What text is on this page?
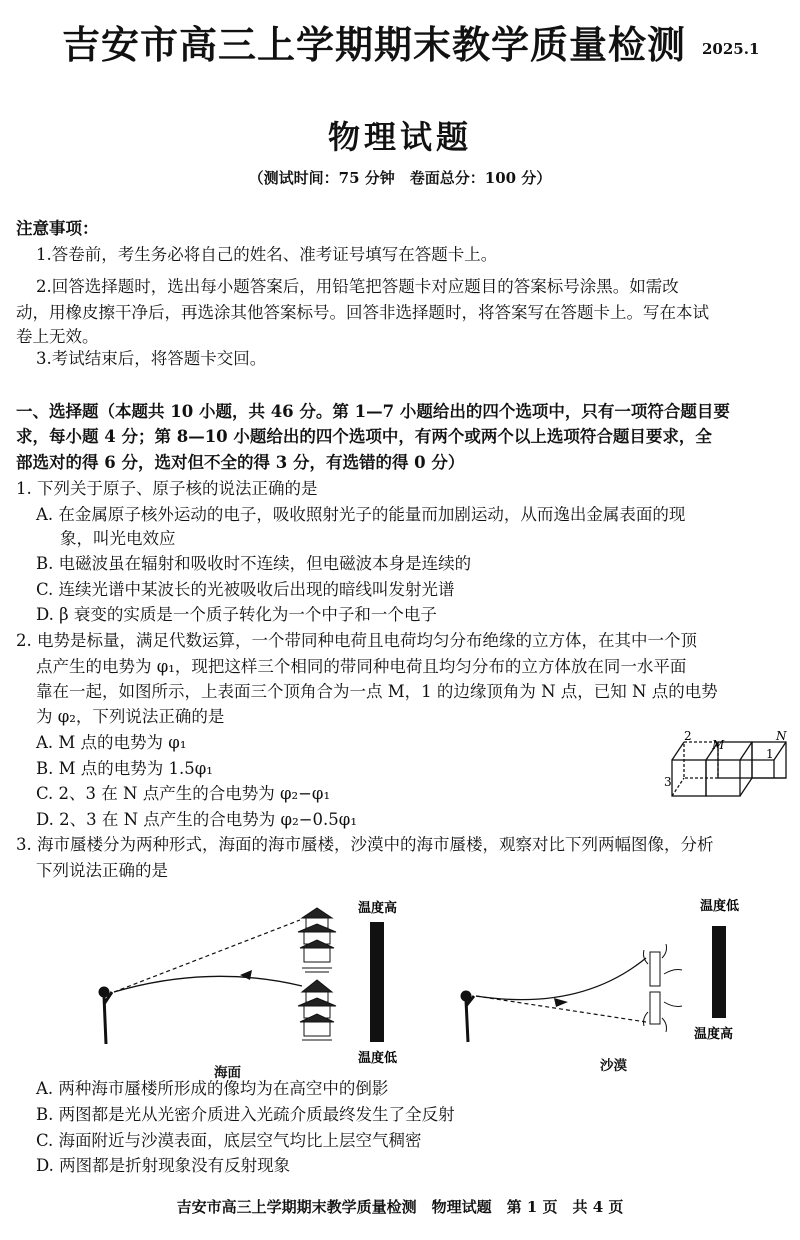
吉安市高三上学期期末教学质量检测 2025.1
物理试题
（测试时间：75 分钟　卷面总分：100 分）
注意事项：
1.答卷前，考生务必将自己的姓名、准考证号填写在答题卡上。
2.回答选择题时，选出每小题答案后，用铅笔把答题卡对应题目的答案标号涂黑。如需改
动，用橡皮擦干净后，再选涂其他答案标号。回答非选择题时，将答案写在答题卡上。写在本试
卷上无效。
3.考试结束后，将答题卡交回。
一、选择题（本题共 10 小题，共 46 分。第 1—7 小题给出的四个选项中，只有一项符合题目要
求，每小题 4 分；第 8—10 小题给出的四个选项中，有两个或两个以上选项符合题目要求，全
部选对的得 6 分，选对但不全的得 3 分，有选错的得 0 分）
1. 下列关于原子、原子核的说法正确的是
A. 在金属原子核外运动的电子，吸收照射光子的能量而加剧运动，从而逸出金属表面的现
象，叫光电效应
B. 电磁波虽在辐射和吸收时不连续，但电磁波本身是连续的
C. 连续光谱中某波长的光被吸收后出现的暗线叫发射光谱
D. β 衰变的实质是一个质子转化为一个中子和一个电子
2. 电势是标量，满足代数运算，一个带同种电荷且电荷均匀分布绝缘的立方体，在其中一个顶
点产生的电势为 φ₁，现把这样三个相同的带同种电荷且均匀分布的立方体放在同一水平面
靠在一起，如图所示，上表面三个顶角合为一点 M，1 的边缘顶角为 N 点，已知 N 点的电势
为 φ₂，下列说法正确的是
A. M 点的电势为 φ₁
B. M 点的电势为 1.5φ₁
C. 2、3 在 N 点产生的合电势为 φ₂−φ₁
D. 2、3 在 N 点产生的合电势为 φ₂−0.5φ₁
2
M
N
1
3
3. 海市蜃楼分为两种形式，海面的海市蜃楼，沙漠中的海市蜃楼，观察对比下列两幅图像，分析
下列说法正确的是
温度高
温度低
海面
温度低
温度高
沙漠
A. 两种海市蜃楼所形成的像均为在高空中的倒影
B. 两图都是光从光密介质进入光疏介质最终发生了全反射
C. 海面附近与沙漠表面，底层空气均比上层空气稠密
D. 两图都是折射现象没有反射现象
吉安市高三上学期期末教学质量检测　物理试题　第 1 页　共 4 页
